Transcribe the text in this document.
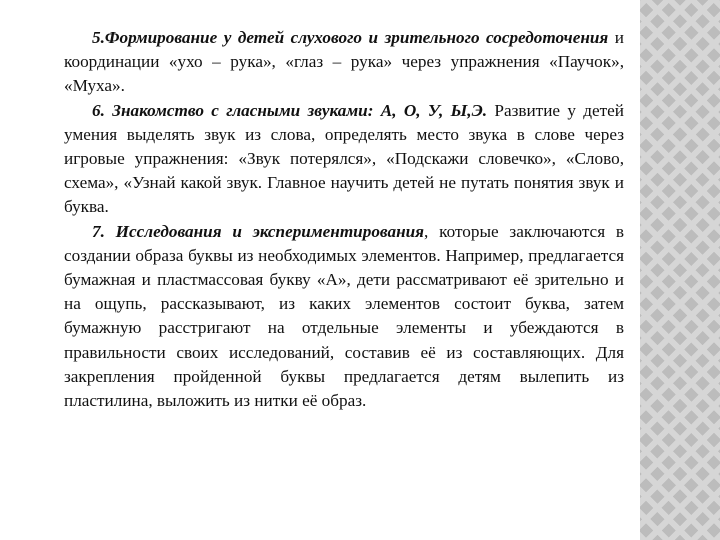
5.Формирование у детей слухового и зрительного сосредоточения и координации «ухо – рука», «глаз – рука» через упражнения «Паучок», «Муха».

6. Знакомство с гласными звуками: А, О, У, Ы,Э. Развитие у детей умения выделять звук из слова, определять место звука в слове через игровые упражнения: «Звук потерялся», «Подскажи словечко», «Слово, схема», «Узнай какой звук. Главное научить детей не путать понятия звук и буква.

7. Исследования и экспериментирования, которые заключаются в создании образа буквы из необходимых элементов. Например, предлагается бумажная и пластмассовая букву «А», дети рассматривают её зрительно и на ощупь, рассказывают, из каких элементов состоит буква, затем бумажную расстригают на отдельные элементы и убеждаются в правильности своих исследований, составив её из составляющих. Для закрепления пройденной буквы предлагается детям вылепить из пластилина, выложить из нитки её образ.
